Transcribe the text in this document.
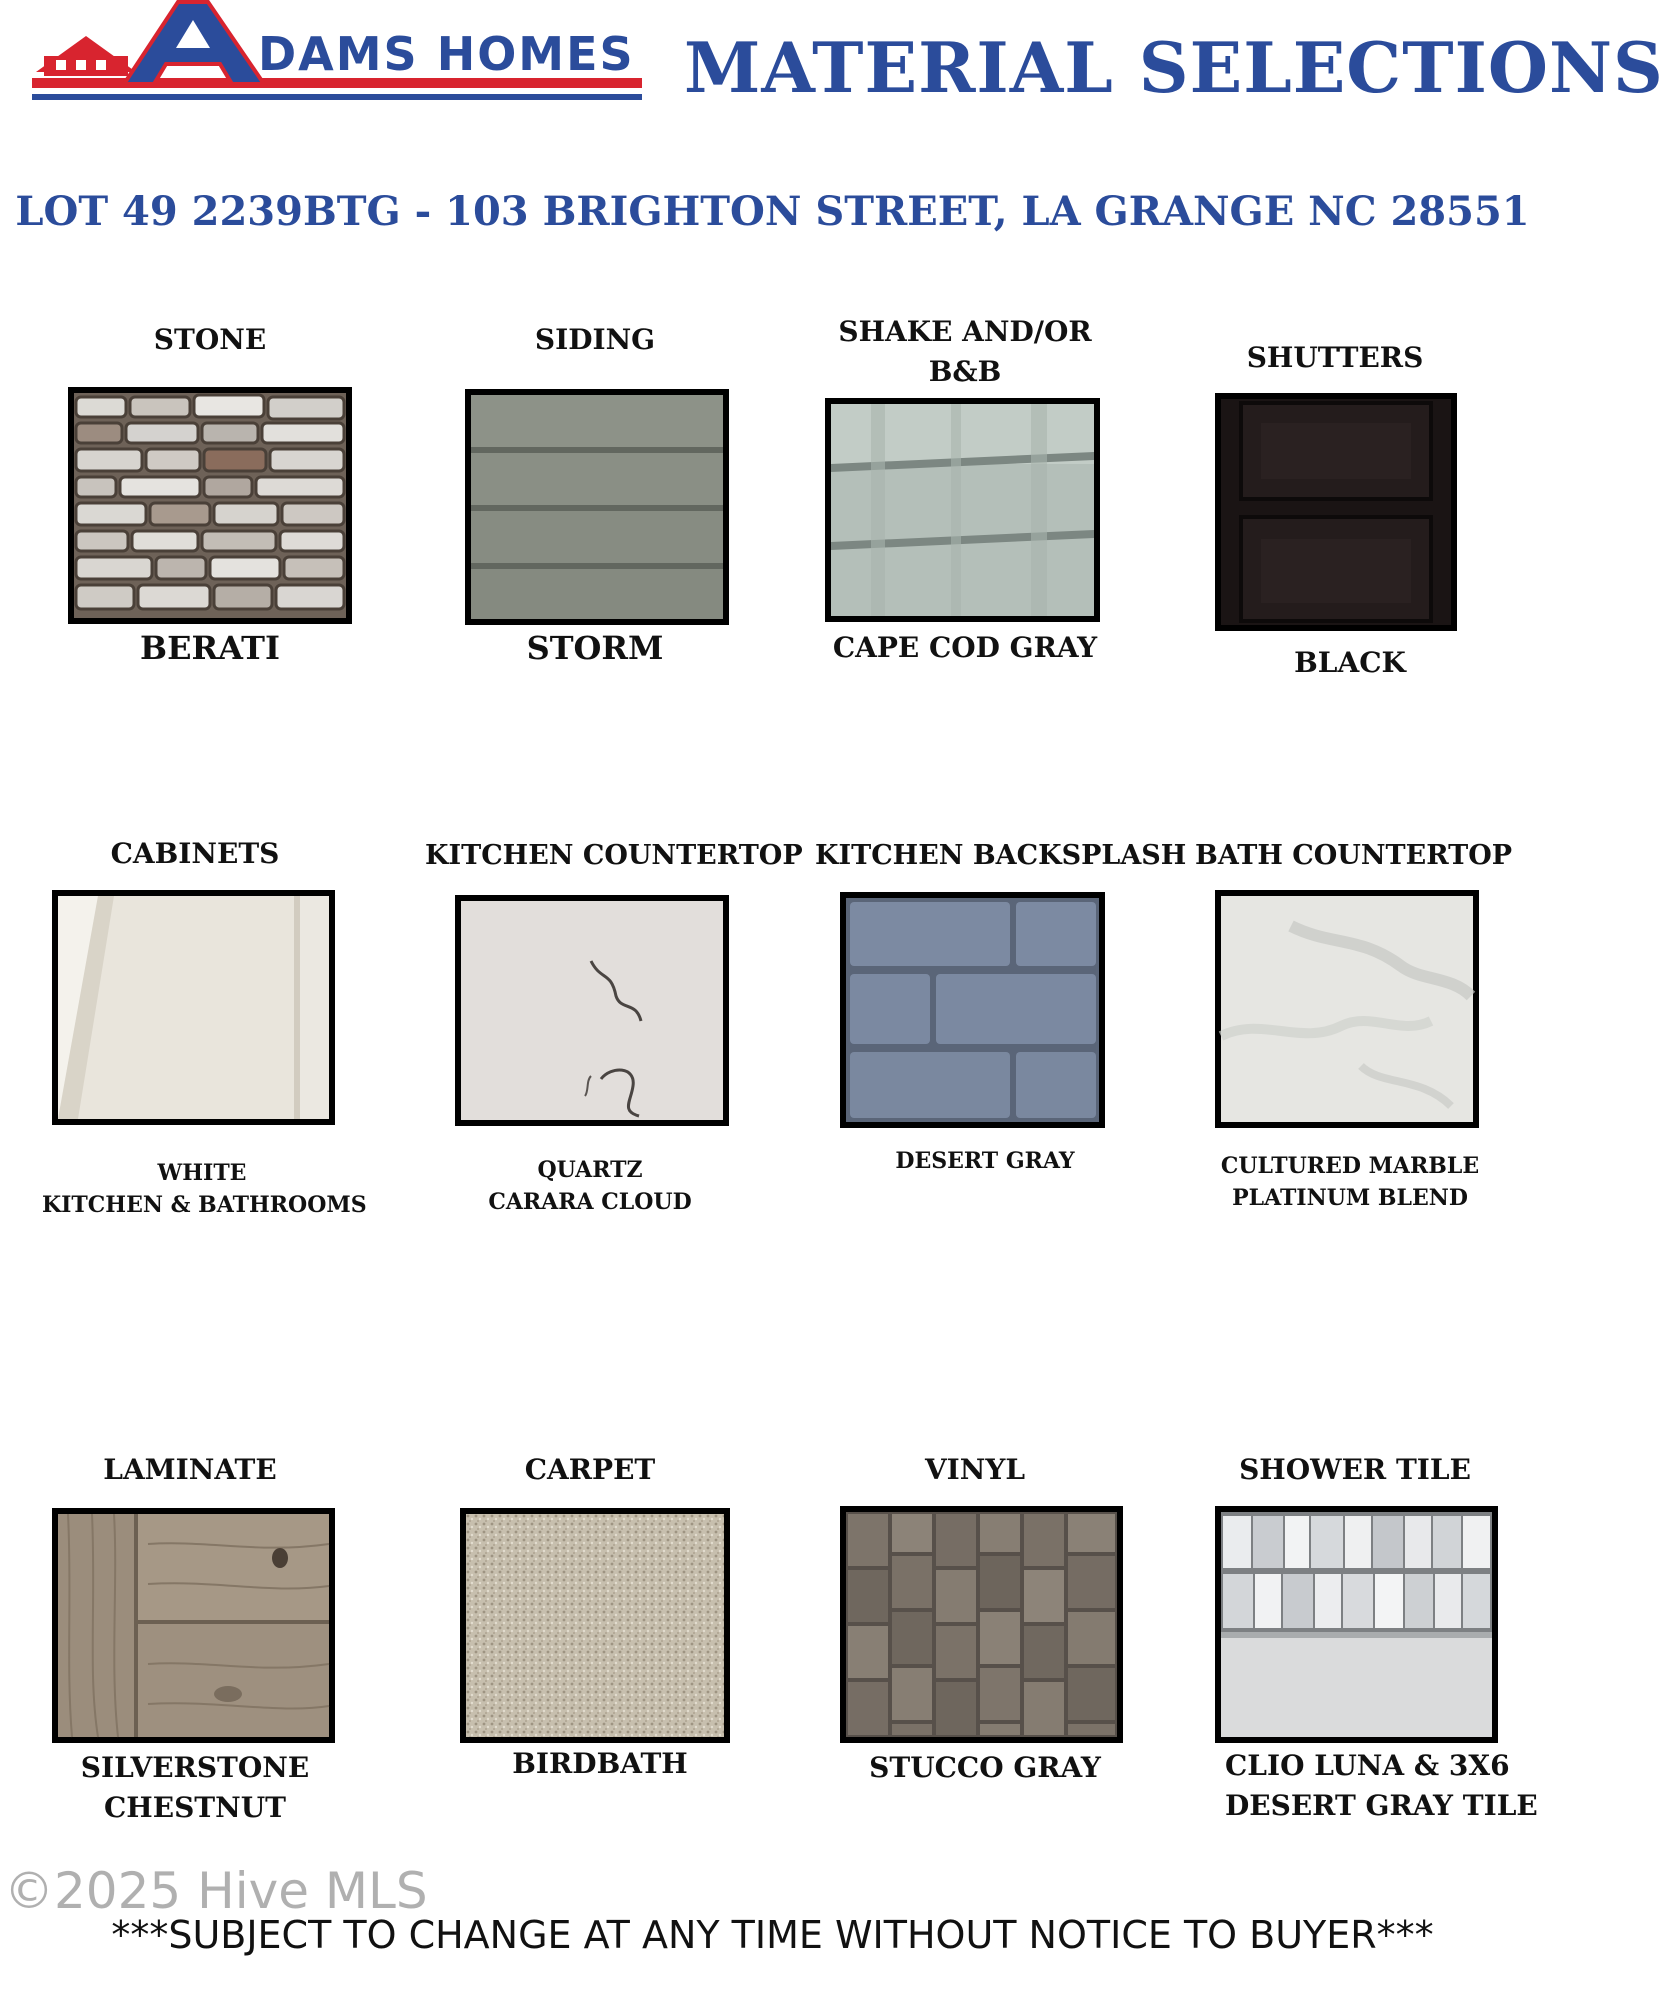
DAMS HOMES MATERIAL SELECTIONS
LOT 49 2239BTG - 103 BRIGHTON STREET, LA GRANGE NC 28551
STONE
BERATI
SIDING
STORM
SHAKE AND/OR
B&B
CAPE COD GRAY
SHUTTERS
BLACK
CABINETS
WHITE
KITCHEN & BATHROOMS
KITCHEN COUNTERTOP
QUARTZ
CARARA CLOUD
KITCHEN BACKSPLASH
DESERT GRAY
BATH COUNTERTOP
CULTURED MARBLE
PLATINUM BLEND
LAMINATE
SILVERSTONE
CHESTNUT
CARPET
BIRDBATH
VINYL
STUCCO GRAY
SHOWER TILE
CLIO LUNA & 3X6
DESERT GRAY TILE
***SUBJECT TO CHANGE AT ANY TIME WITHOUT NOTICE TO BUYER***
©2025 Hive MLS
